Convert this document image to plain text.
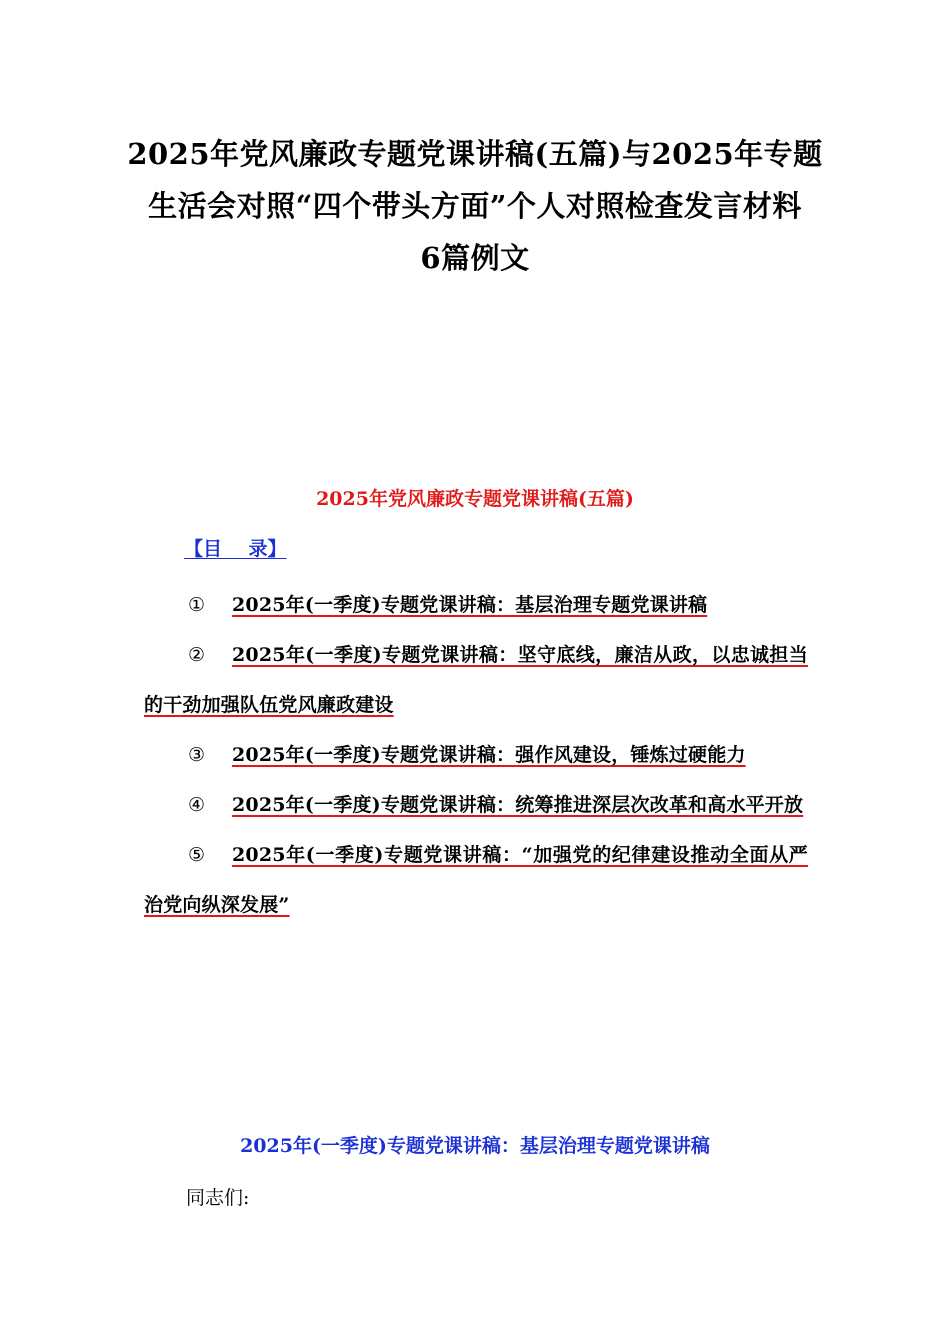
2025年党风廉政专题党课讲稿(五篇)与2025年专题
生活会对照“四个带头方面”个人对照检查发言材料
6篇例文
2025年党风廉政专题党课讲稿(五篇)
【目    录】
① 2025年(一季度)专题党课讲稿：基层治理专题党课讲稿
② 2025年(一季度)专题党课讲稿：坚守底线，廉洁从政，以忠诚担当的干劲加强队伍党风廉政建设
③ 2025年(一季度)专题党课讲稿：强作风建设，锤炼过硬能力
④ 2025年(一季度)专题党课讲稿：统筹推进深层次改革和高水平开放
⑤ 2025年(一季度)专题党课讲稿：“加强党的纪律建设推动全面从严治党向纵深发展”
2025年(一季度)专题党课讲稿：基层治理专题党课讲稿
同志们:
